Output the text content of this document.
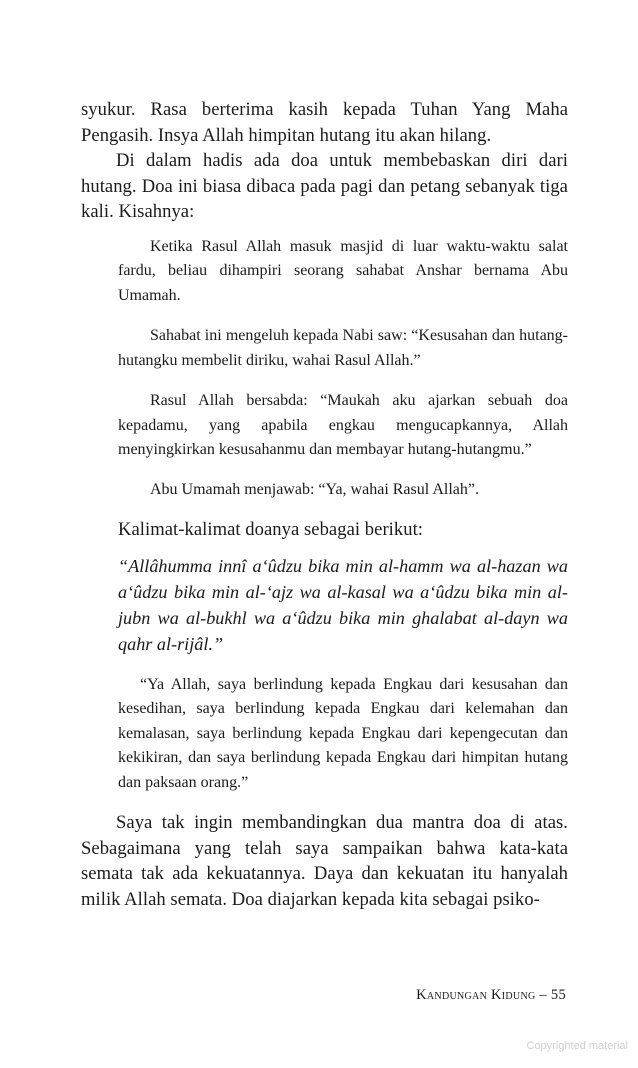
syukur. Rasa berterima kasih kepada Tuhan Yang Maha Pengasih. Insya Allah himpitan hutang itu akan hilang.

Di dalam hadis ada doa untuk membebaskan diri dari hutang. Doa ini biasa dibaca pada pagi dan petang sebanyak tiga kali. Kisahnya:

Ketika Rasul Allah masuk masjid di luar waktu-waktu salat fardu, beliau dihampiri seorang sahabat Anshar bernama Abu Umamah.

Sahabat ini mengeluh kepada Nabi saw: “Kesusahan dan hutang-hutangku membelit diriku, wahai Rasul Allah.”

Rasul Allah bersabda: “Maukah aku ajarkan sebuah doa kepadamu, yang apabila engkau mengucapkannya, Allah menyingkirkan kesusahanmu dan membayar hutang-hutangmu.”

Abu Umamah menjawab: “Ya, wahai Rasul Allah”.

Kalimat-kalimat doanya sebagai berikut:

“Allâhumma innî a‘ûdzu bika min al-hamm wa al-hazan wa a‘ûdzu bika min al-‘ajz wa al-kasal wa a‘ûdzu bika min al-jubn wa al-bukhl wa a‘ûdzu bika min ghalabat al-dayn wa qahr al-rijâl.”

“Ya Allah, saya berlindung kepada Engkau dari kesusahan dan kesedihan, saya berlindung kepada Engkau dari kelemahan dan kemalasan, saya berlindung kepada Engkau dari kepengecutan dan kekikiran, dan saya berlindung kepada Engkau dari himpitan hutang dan paksaan orang.”

Saya tak ingin membandingkan dua mantra doa di atas. Sebagaimana yang telah saya sampaikan bahwa kata-kata semata tak ada kekuatannya. Daya dan kekuatan itu hanyalah milik Allah semata. Doa diajarkan kepada kita sebagai psiko-

Kandungan Kidung – 55
Copyrighted material
